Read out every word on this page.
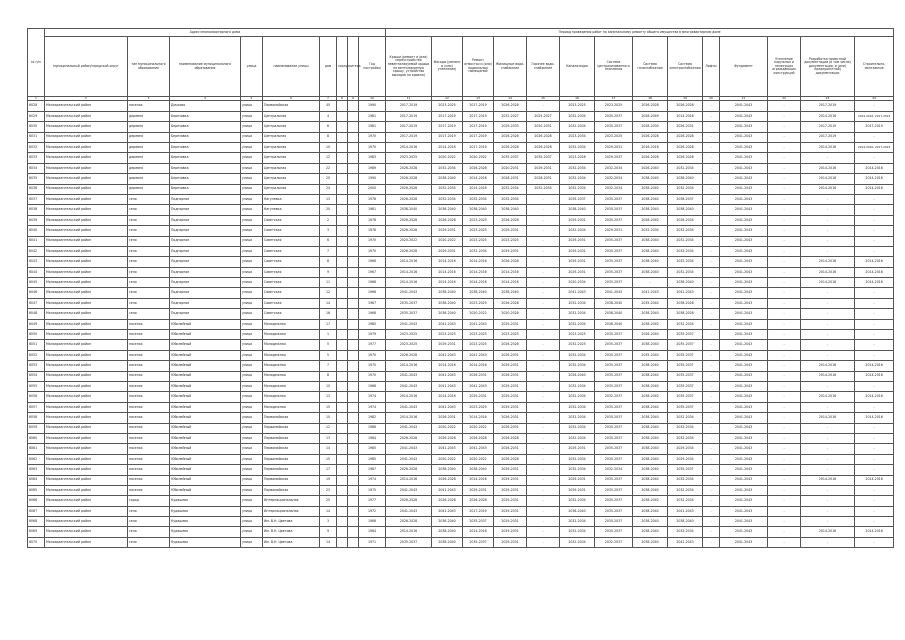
№ п/п	Адрес многоквартирного дома									Период проведения работ по капитальному ремонту общего имущества в многоквартирном доме													
	муниципальный район/городской округ	тип муниципального образования	наименование муниципального образования	улица	наименование улицы	дом	корпус	литера	Год постройки	Крыши (ремонт и (или) переустройство невентилируемой крыши на вентилируемую крышу, устройство выходов на кровлю)	Фасады (ремонт и (или) утепление)	Ремонт отмостки и (или) подвальных помещений	Жилищные водо-снабжение	Горячее водо-снабжение	Канализация	Система централизованного отопления	Система газоснабжения	Система электроснабжения	Лифты	Фундамент	Утепление наружных и ненесущих ограждающих конструкций	Разработка проектной документации (в том числе) документации, и (или) предпроектной) документации	Строительно-монтажные
1	2	3	4	5	6	7	8	9	10	11	12	13	14	15	16	17	18	19	20	21	22	23	24
6028	Малоархангельский район	поселок	Дичково	улица	Первомайская	45			1990	2017-2019	2023-2025	2017-2019	2026-2028	-	2023-2025	2023-2025	2026-2028	2026-2028	-	2041-2043	-	2017-2019	-
6029	Малоархангельский район	деревня	Березовка	улица	Центральная	4			1981	2017-2019	2017-2019	2017-2019	2032-2027	2025-2027	2032-2034	2035-2037	2028-2049	2014-2016	-	2041-2043	-	2014-2016	2014-2016, 2017-2019
6030	Малоархангельский район	деревня	Березовка	улица	Центральная	6			1981	2017-2019	2017-2019	2017-2019	2029-2033	2020-2031	2032-2034	2035-2037	2028-2030	2026-2031	-	2041-2043	-	2017-2019	2017-2019
6031	Малоархангельский район	деревня	Березовка	улица	Центральная	8			1970	2017-2019	2017-2019	2017-2019	2026-2028	2026-2028	2023-2034	2023-2025	2026-2028	2026-2028	-	2041-2043	-	2017-2019	-
6032	Малоархангельский район	деревня	Березовка	улица	Центральная	10			1970	2014-2016	2014-2016	2017-2019	2026-2028	2026-2028	2032-2034	2029-2031	2016-2016	2026-2028	-	2041-2043	-	2014-2016	2014-2016, 2017-2019
6033	Малоархангельский район	деревня	Березовка	улица	Центральная	12			1983	2023-2025	2020-2022	2020-2022	2035-2037	2035-2037	2023-2028	2029-2037	2026-2028	2026-2028	-	2041-2043	-	-	-
6034	Малоархангельский район	деревня	Березовка	улица	Центральная	22			1989	2026-2028	2032-2034	2026-2028	2020-2031	2029-2031	2032-2034	2032-2034	2026-2040	2032-2034	-	2041-2043	-	2014-2016	2014-2016
6035	Малоархангельский район	деревня	Березовка	улица	Центральная	20			1990	2026-2028	2038-2040	2014-2016	2028-2031	2028-2031	2032-2034	2032-2034	2038-2040	2038-2040	-	2041-2043	-	2014-2016	2014-2016
6036	Малоархангельский район	деревня	Березовка	улица	Центральная	24			2000	2026-2028	2032-2034	2014-2016	2032-2034	2032-2034	2032-2034	2032-2034	2038-2040	2032-2034	-	2041-2043	-	2014-2016	2014-2016
6037	Малоархангельский район	село	Подгорное	улица	Кагулевка	13			1978	2026-2028	2032-2034	2032-2034	2032-2034	-	2035-2037	2035-2037	2038-2040	2038-2037	-	2041-2043	-	-	-
6038	Малоархангельский район	село	Подгорное	улица	Кагулевка	20			1981	2038-2040	2038-2040	2038-2040	2038-2040	-	2038-2040	2035-2037	2038-2040	2038-2040	-	2041-2043	-	-	-
6039	Малоархангельский район	село	Подгорное	улица	Советская	2			1978	2026-2028	2026-2028	2023-2025	2026-2028	-	2029-2031	2035-2037	2028-2040	2028-2034	-	2041-2043	-	-	-
6040	Малоархангельский район	село	Подгорное	улица	Советская	3			1978	2026-2028	2029-2031	2023-2025	2029-2031	-	2032-2034	2029-2031	2032-2034	2032-2034	-	2041-2043	-	-	-
6041	Малоархангельский район	село	Подгорное	улица	Советская	6			1970	2020-2022	2020-2022	2023-2025	2023-2025	-	2029-2031	2035-2037	2038-2040	2032-2034	-	2041-2043	-	-	-
6042	Малоархангельский район	село	Подгорное	улица	Советская	7			1970	2026-2028	2029-2031	2032-2034	2029-2031	-	2029-2031	2035-2037	2038-2040	2032-2034	-	2041-2043	-	-	-
6043	Малоархангельский район	село	Подгорное	улица	Советская	8			1966	2014-2016	2014-2016	2014-2016	2026-2028	-	2029-2031	2035-2037	2038-2040	2032-2034	-	2041-2043	-	2014-2016	2014-2016
6044	Малоархангельский район	село	Подгорное	улица	Советская	9			1967	2014-2016	2014-2016	2014-2016	2014-2016	-	2029-2031	2035-2037	2038-2040	2032-2034	-	2041-2043	-	2014-2016	2014-2016
6045	Малоархангельский район	село	Подгорное	улица	Советская	11			1966	2014-2016	2014-2016	2014-2016	2014-2016	-	2020-2034	2035-2037	-	2038-2040	-	2041-2043	-	2014-2016	2014-2016
6046	Малоархангельский район	село	Подгорное	улица	Советская	12			1966	2041-2043	2038-2040	2038-2040	2038-2040	-	2041-2043	2041-2043	2041-2043	2041-2043	-	2041-2043	-	-	-
6047	Малоархангельский район	село	Подгорное	улица	Советская	14			1967	2035-2037	2038-2040	2023-2025	2026-2028	-	2032-2034	2038-2040	2035-2040	2038-2028	-	2041-2043	-	-	-
6048	Малоархангельский район	село	Подгорное	улица	Советская	16			1968	2035-2037	2038-2040	2020-2022	2020-2028	-	2032-2034	2038-2040	2038-2040	2038-2028	-	2041-2043	-	-	-
6049	Малоархангельский район	поселок	Юбилейный	улица	Молодежная	17			1985	2041-2043	2041-2043	2041-2043	2029-2031	-	2032-2034	2038-2040	2038-2040	2032-2034	-	2041-2043	-	-	-
6050	Малоархангельский район	поселок	Юбилейный	улица	Молодежная	1			1979	2023-2025	2023-2025	2023-2025	2023-2025	-	2023-2025	2035-2037	2026-2040	2035-2037	-	2041-2043	-	-	-
6051	Малоархангельский район	поселок	Юбилейный	улица	Молодежная	5			1977	2023-2025	2029-2031	2023-2025	2026-2028	-	2032-2025	2035-2037	2038-2040	2035-2037	-	2041-2043	-	-	-
6052	Малоархангельский район	поселок	Юбилейный	улица	Молодежная	5			1970	2026-2028	2041-2043	2041-2043	2026-2031	-	2032-2034	2035-2037	2035-2040	2035-2037	-	2041-2043	-	-	-
6053	Малоархангельский район	поселок	Юбилейный	улица	Молодежная	7			1970	2014-2016	2014-2016	2014-2016	2029-2031	-	2032-2034	2035-2037	2038-2040	2035-2037	-	2041-2043	-	2014-2016	2014-2016
6054	Малоархангельский район	поселок	Юбилейный	улица	Молодежная	8			1970	2041-2043	2041-2043	2026-2031	2026-2031	-	2026-2040	2035-2037	2038-2040	2035-2037	-	2041-2043	-	2014-2016	2014-2016
6055	Малоархангельский район	поселок	Юбилейный	улица	Молодежная	10			1966	2041-2043	2041-2043	2041-2043	2029-2031	-	2032-2034	2035-2037	2038-2040	2035-2037	-	2041-2043	-	-	-
6056	Малоархангельский район	поселок	Юбилейный	улица	Молодежная	13			1974	2014-2016	2014-2016	2029-2031	2029-2031	-	2032-2034	2032-2037	2038-2040	2035-2037	-	2041-2043	-	2014-2016	2014-2016
6057	Малоархангельский район	поселок	Юбилейный	улица	Молодежная	15			1974	2041-2043	2041-2043	2023-2025	2029-2031	-	2032-2034	2035-2037	2038-2040	2035-2037	-	2041-2043	-	-	-
6058	Малоархангельский район	поселок	Юбилейный	улица	Первомайская	10			1982	2014-2016	2026-2031	2014-2016	2026-2031	-	2032-2034	2035-2037	2038-2040	2032-2034	-	2041-2043	-	2014-2016	2014-2016
6059	Малоархангельский район	поселок	Юбилейный	улица	Первомайская	12			1986	2041-2043	2020-2022	2020-2022	2026-2031	-	2032-2034	2035-2037	2038-2040	2032-2034	-	2041-2043	-	-	-
6060	Малоархангельский район	поселок	Юбилейный	улица	Первомайская	13			1984	2026-2028	2026-2028	2026-2028	2026-2028	-	2032-2034	2035-2037	2038-2040	2032-2034	-	2041-2043	-	-	-
6061	Малоархангельский район	поселок	Юбилейный	улица	Первомайская	14			1985	2041-2043	2041-2043	2041-2043	2026-2031	-	2029-2031	2035-2037	2038-2040	2029-2034	-	2041-2043	-	-	-
6062	Малоархангельский район	поселок	Юбилейный	улица	Первомайская	15			1985	2041-2043	2020-2022	2020-2022	2026-2028	-	2032-2034	2035-2037	2038-2040	2029-2034	-	2041-2043	-	-	-
6063	Малоархангельский район	поселок	Юбилейный	улица	Первомайская	17			1987	2026-2028	2038-2040	2038-2040	2029-2031	-	2032-2034	2032-2034	2038-2040	2035-2037	-	2041-2043	-	-	-
6064	Малоархангельский район	поселок	Юбилейный	улица	Первомайская	19			1974	2014-2016	2026-2028	2014-2016	2029-2031	-	2029-2031	2035-2037	2038-2040	2032-2034	-	2041-2043	-	2014-2016	2014-2016
6065	Малоархангельский район	поселок	Юбилейный	улица	Первомайская	23			1975	2041-2043	2041-2043	2029-2031	2029-2031	-	2029-2031	2035-2037	2038-2040	2032-2034	-	2041-2043	-	-	-
6066	Малоархангельский район	город	Кудашево	улица	Интернациональная	25			1977	2026-2028	2026-2028	2026-2028	2029-2031	-	2032-2034	2035-2037	2038-2040	2032-2034	-	2041-2043	-	-	-
6067	Малоархангельский район	село	Кудашево	улица	Интернациональная	14			1972	2041-2043	2041-2043	2017-2019	2029-2031	-	2038-2040	2035-2037	2038-2040	2041-2043	-	2041-2043	-	-	-
6068	Малоархангельский район	село	Кудашево	улица	Им. В.Н. Цветова	3			1986	2026-2028	2038-2040	2035-2037	2029-2031	-	2032-2034	2035-2037	2038-2040	2038-2040	-	2041-2043	-	-	-
6069	Малоархангельский район	село	Кудашево	улица	Им. В.Н. Цветова	9			1984	2014-2016	2038-2040	2014-2016	2029-2031	-	2032-2034	2035-2037	2038-2040	2032-2034	-	2041-2043	-	2014-2016	2014-2016
6070	Малоархангельский район	село	Кудашево	улица	Им. В.Н. Цветова	14			1971	2035-2037	2038-2040	2035-2037	2029-2031	-	2032-2034	2032-2037	2038-2040	2041-2043	-	2041-2043	-	-	-
